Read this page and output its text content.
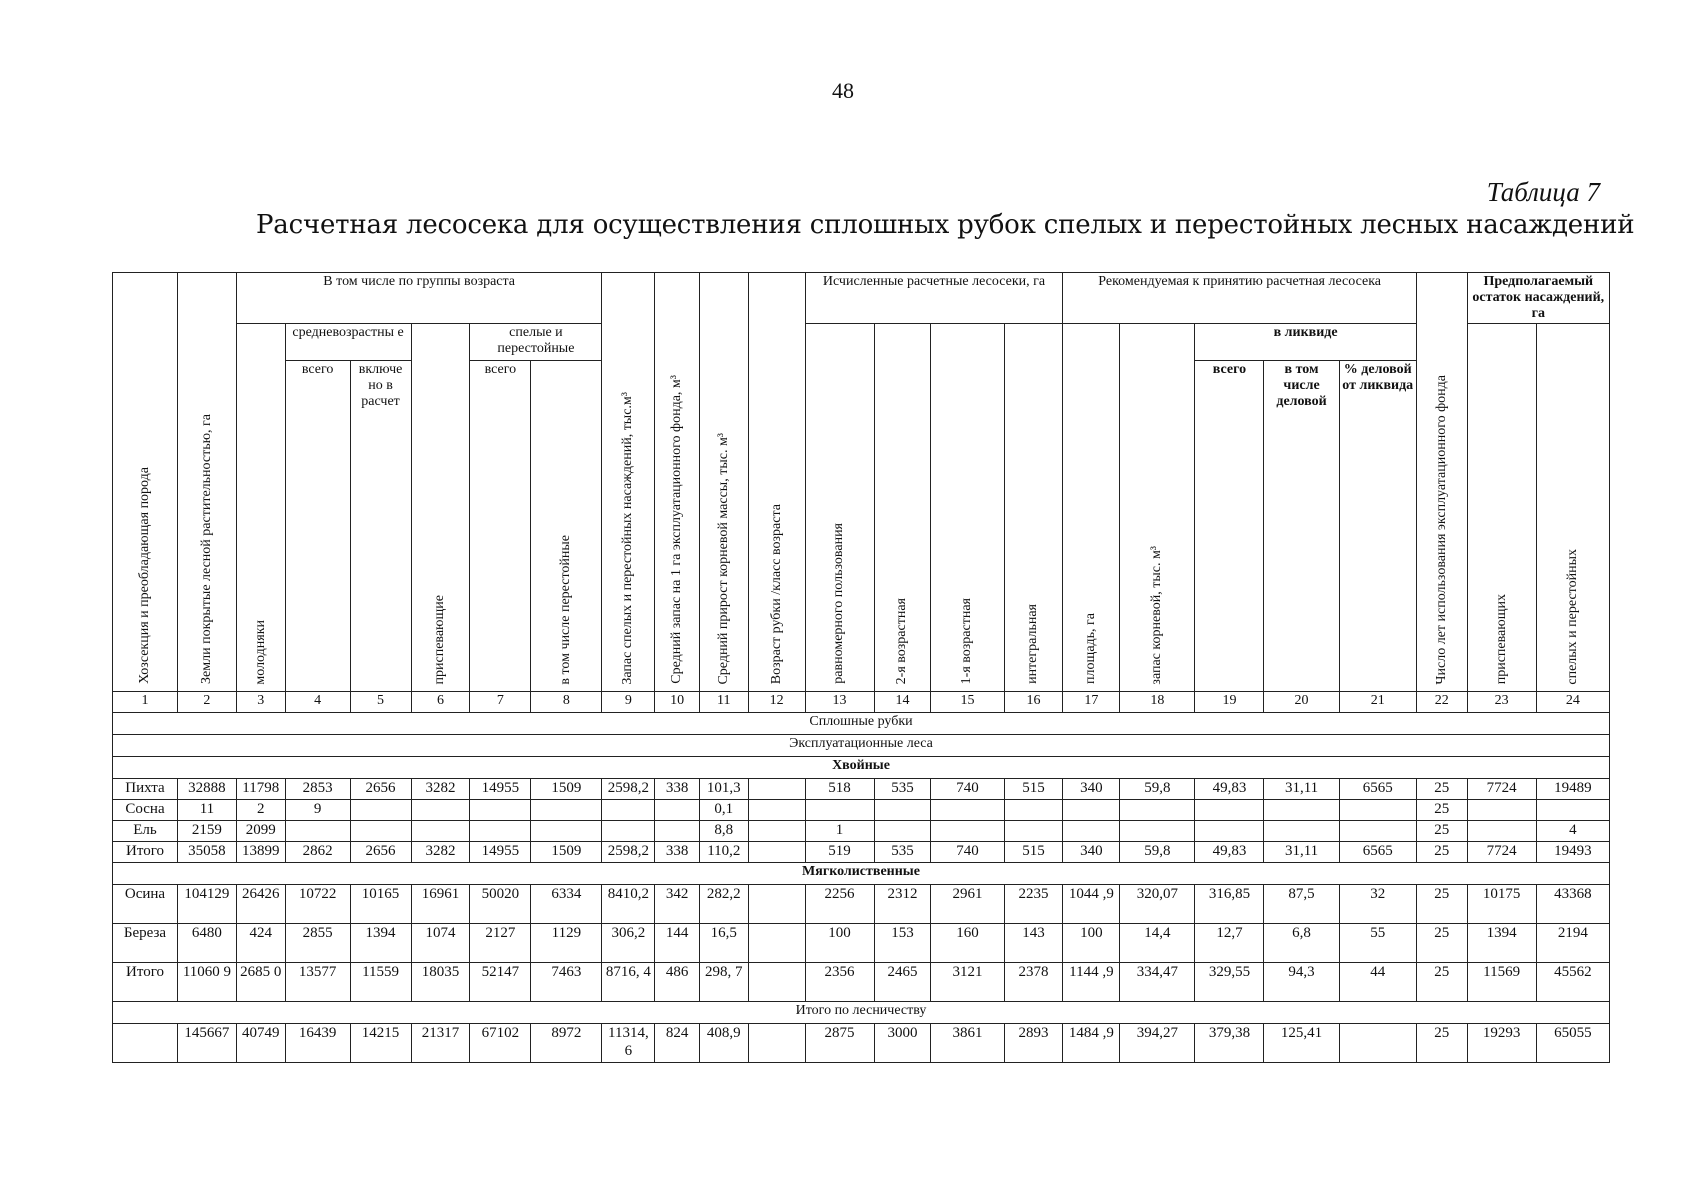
48
Таблица 7
Расчетная лесосека для осуществления сплошных рубок спелых и перестойных лесных насаждений
Хозсекция и преобладающая порода	Земли покрытые лесной растительностью, га	В том числе по группы возраста						Запас спелых и перестойных насаждений, тыс.м³	Средний запас на 1 га эксплуатационного фонда, м³	Средний прирост корневой массы, тыс. м³	Возраст рубки /класс возраста	Исчисленные расчетные лесосеки, га				Рекомендуемая к принятию расчетная лесосека					Число лет использования эксплуатационного фонда	Предполагаемый остаток насаждений, га	
		молодняки	средневозрастны е		приспевающие	спелые и перестойные						равномерного пользования	2-я возрастная	1-я возрастная	интегральная	площадь, га	запас корневой, тыс. м³	в ликвиде				приспевающих	спелых и перестойных
			всего	включе но в расчет		всего	в том числе перестойные											всего	в том числе деловой	% деловой от ликвида			

1	2	3	4	5	6	7	8	9	10	11	12	13	14	15	16	17	18	19	20	21	22	23	24
Сплошные рубки																							
Эксплуатационные леса																							
Хвойные																							
Пихта	32888	11798	2853	2656	3282	14955	1509	2598,2	338	101,3		518	535	740	515	340	59,8	49,83	31,11	6565	25	7724	19489
Сосна	11	2	9							0,1											25		
Ель	2159	2099								8,8		1									25		4
Итого	35058	13899	2862	2656	3282	14955	1509	2598,2	338	110,2		519	535	740	515	340	59,8	49,83	31,11	6565	25	7724	19493
Мягколиственные																							
Осина	104129	26426	10722	10165	16961	50020	6334	8410,2	342	282,2		2256	2312	2961	2235	1044 ,9	320,07	316,85	87,5	32	25	10175	43368
Береза	6480	424	2855	1394	1074	2127	1129	306,2	144	16,5		100	153	160	143	100	14,4	12,7	6,8	55	25	1394	2194
Итого	11060 9	2685 0	13577	11559	18035	52147	7463	8716, 4	486	298, 7		2356	2465	3121	2378	1144 ,9	334,47	329,55	94,3	44	25	11569	45562
Итого по лесничеству																							
	145667	40749	16439	14215	21317	67102	8972	11314, 6	824	408,9		2875	3000	3861	2893	1484 ,9	394,27	379,38	125,41		25	19293	65055
